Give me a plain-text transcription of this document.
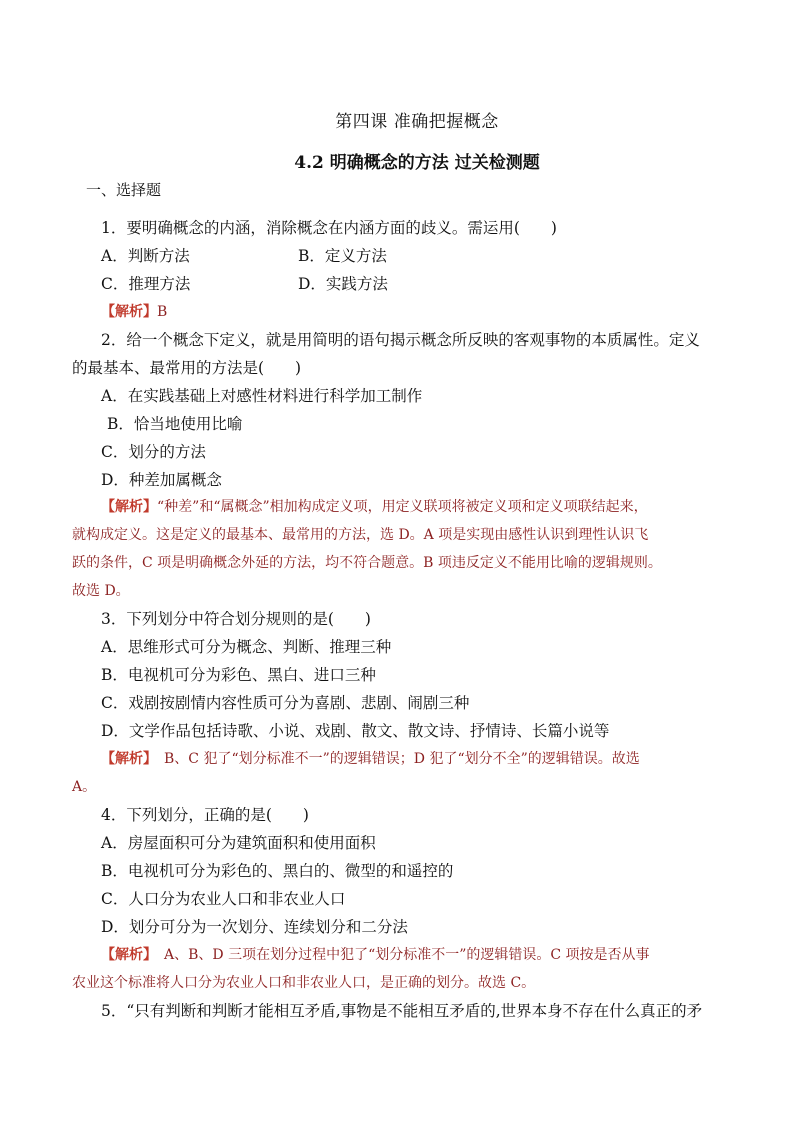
第四课 准确把握概念
4.2 明确概念的方法 过关检测题
一、选择题
1．要明确概念的内涵，消除概念在内涵方面的歧义。需运用(　　)
A．判断方法	B．定义方法
C．推理方法	D．实践方法
【解析】B
2．给一个概念下定义，就是用简明的语句揭示概念所反映的客观事物的本质属性。定义
的最基本、最常用的方法是(　　)
A．在实践基础上对感性材料进行科学加工制作
B．恰当地使用比喻
C．划分的方法
D．种差加属概念
【解析】“种差”和“属概念”相加构成定义项，用定义联项将被定义项和定义项联结起来，
就构成定义。这是定义的最基本、最常用的方法，选 D。A 项是实现由感性认识到理性认识飞
跃的条件，C 项是明确概念外延的方法，均不符合题意。B 项违反定义不能用比喻的逻辑规则。
故选 D。
3．下列划分中符合划分规则的是(　　)
A．思维形式可分为概念、判断、推理三种
B．电视机可分为彩色、黑白、进口三种
C．戏剧按剧情内容性质可分为喜剧、悲剧、闹剧三种
D．文学作品包括诗歌、小说、戏剧、散文、散文诗、抒情诗、长篇小说等
【解析】　B、C 犯了“划分标准不一”的逻辑错误；D 犯了“划分不全”的逻辑错误。故选
A。
4．下列划分，正确的是(　　)
A．房屋面积可分为建筑面积和使用面积
B．电视机可分为彩色的、黑白的、微型的和遥控的
C．人口分为农业人口和非农业人口
D．划分可分为一次划分、连续划分和二分法
【解析】　A、B、D 三项在划分过程中犯了“划分标准不一”的逻辑错误。C 项按是否从事
农业这个标准将人口分为农业人口和非农业人口，是正确的划分。故选 C。
5．“只有判断和判断才能相互矛盾,事物是不能相互矛盾的,世界本身不存在什么真正的矛
